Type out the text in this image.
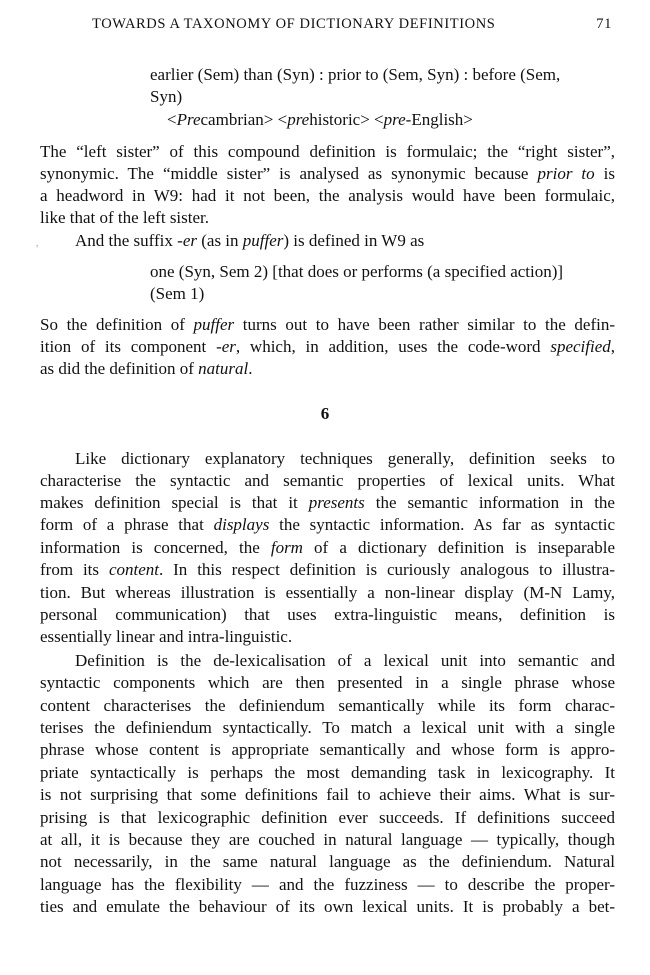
TOWARDS A TAXONOMY OF DICTIONARY DEFINITIONS	71
earlier (Sem) than (Syn) : prior to (Sem, Syn) : before (Sem,
Syn)
<Precambrian> <prehistoric> <pre-English>
The “left sister” of this compound definition is formulaic; the “right sister”,
synonymic. The “middle sister” is analysed as synonymic because prior to is
a headword in W9: had it not been, the analysis would have been formulaic,
like that of the left sister.
, And the suffix -er (as in puffer) is defined in W9 as
one (Syn, Sem 2) [that does or performs (a specified action)]
(Sem 1)
So the definition of puffer turns out to have been rather similar to the defin-
ition of its component -er, which, in addition, uses the code-word specified,
as did the definition of natural.
6
Like dictionary explanatory techniques generally, definition seeks to
characterise the syntactic and semantic properties of lexical units. What
makes definition special is that it presents the semantic information in the
form of a phrase that displays the syntactic information. As far as syntactic
information is concerned, the form of a dictionary definition is inseparable
from its content. In this respect definition is curiously analogous to illustra-
tion. But whereas illustration is essentially a non-linear display (M-N Lamy,
personal communication) that uses extra-linguistic means, definition is
essentially linear and intra-linguistic.
Definition is the de-lexicalisation of a lexical unit into semantic and
syntactic components which are then presented in a single phrase whose
content characterises the definiendum semantically while its form charac-
terises the definiendum syntactically. To match a lexical unit with a single
phrase whose content is appropriate semantically and whose form is appro-
priate syntactically is perhaps the most demanding task in lexicography. It
is not surprising that some definitions fail to achieve their aims. What is sur-
prising is that lexicographic definition ever succeeds. If definitions succeed
at all, it is because they are couched in natural language — typically, though
not necessarily, in the same natural language as the definiendum. Natural
language has the flexibility — and the fuzziness — to describe the proper-
ties and emulate the behaviour of its own lexical units. It is probably a bet-
